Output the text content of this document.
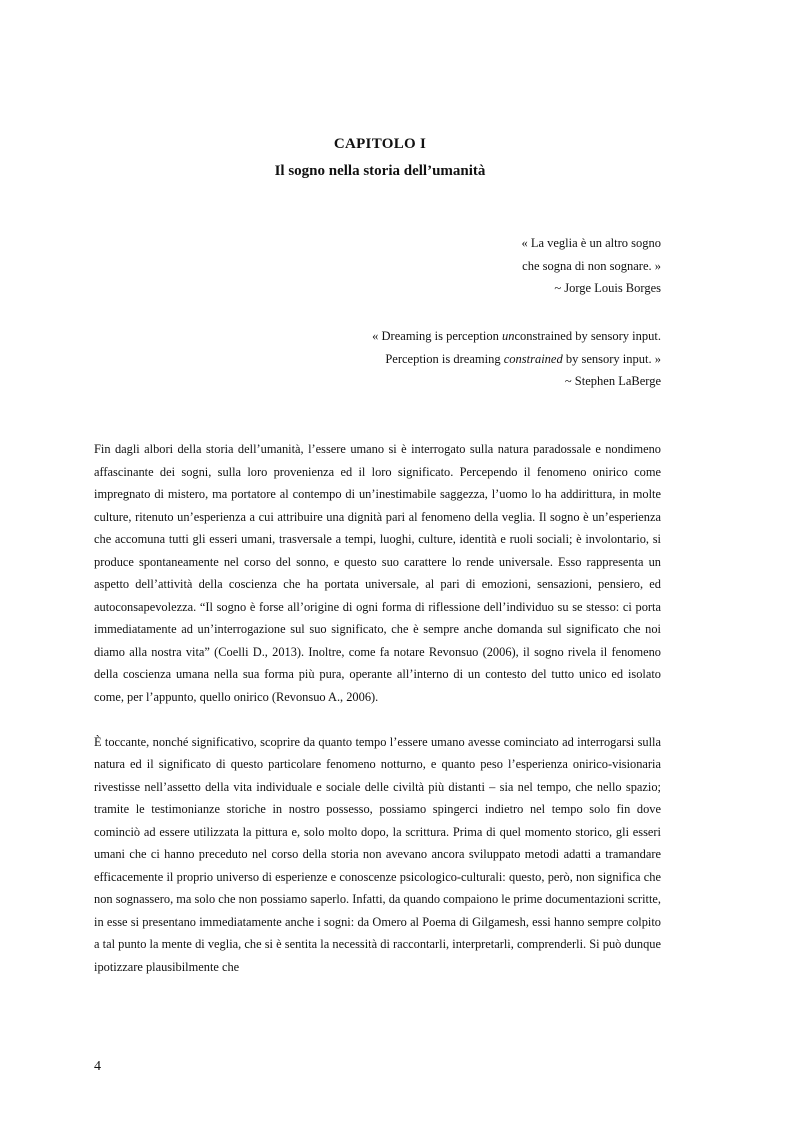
CAPITOLO I
Il sogno nella storia dell’umanità
« La veglia è un altro sogno
che sogna di non sognare. »
~ Jorge Louis Borges
« Dreaming is perception unconstrained by sensory input.
Perception is dreaming constrained by sensory input. »
~ Stephen LaBerge

Fin dagli albori della storia dell’umanità, l’essere umano si è interrogato sulla natura paradossale e nondimeno affascinante dei sogni, sulla loro provenienza ed il loro significato. Percependo il fenomeno onirico come impregnato di mistero, ma portatore al contempo di un’inestimabile saggezza, l’uomo lo ha addirittura, in molte culture, ritenuto un’esperienza a cui attribuire una dignità pari al fenomeno della veglia. Il sogno è un’esperienza che accomuna tutti gli esseri umani, trasversale a tempi, luoghi, culture, identità e ruoli sociali; è involontario, si produce spontaneamente nel corso del sonno, e questo suo carattere lo rende universale. Esso rappresenta un aspetto dell’attività della coscienza che ha portata universale, al pari di emozioni, sensazioni, pensiero, ed autoconsapevolezza. “Il sogno è forse all’origine di ogni forma di riflessione dell’individuo su se stesso: ci porta immediatamente ad un’interrogazione sul suo significato, che è sempre anche domanda sul significato che noi diamo alla nostra vita” (Coelli D., 2013). Inoltre, come fa notare Revonsuo (2006), il sogno rivela il fenomeno della coscienza umana nella sua forma più pura, operante all’interno di un contesto del tutto unico ed isolato come, per l’appunto, quello onirico (Revonsuo A., 2006).

È toccante, nonché significativo, scoprire da quanto tempo l’essere umano avesse cominciato ad interrogarsi sulla natura ed il significato di questo particolare fenomeno notturno, e quanto peso l’esperienza onirico-visionaria rivestisse nell’assetto della vita individuale e sociale delle civiltà più distanti – sia nel tempo, che nello spazio; tramite le testimonianze storiche in nostro possesso, possiamo spingerci indietro nel tempo solo fin dove cominciò ad essere utilizzata la pittura e, solo molto dopo, la scrittura. Prima di quel momento storico, gli esseri umani che ci hanno preceduto nel corso della storia non avevano ancora sviluppato metodi adatti a tramandare efficacemente il proprio universo di esperienze e conoscenze psicologico-culturali: questo, però, non significa che non sognassero, ma solo che non possiamo saperlo. Infatti, da quando compaiono le prime documentazioni scritte, in esse si presentano immediatamente anche i sogni: da Omero al Poema di Gilgamesh, essi hanno sempre colpito a tal punto la mente di veglia, che si è sentita la necessità di raccontarli, interpretarli, comprenderli. Si può dunque ipotizzare plausibilmente che

4
